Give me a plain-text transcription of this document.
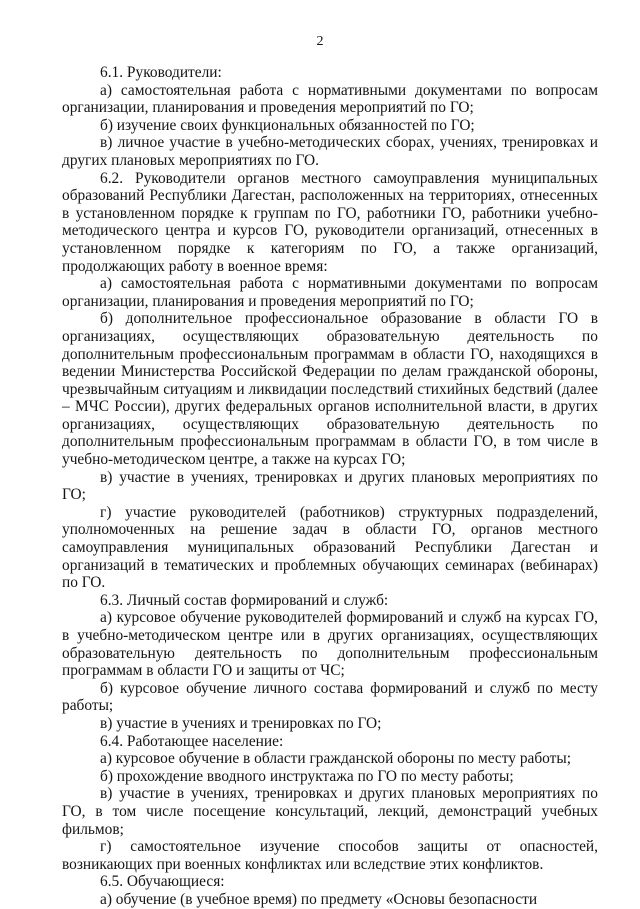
2

6.1. Руководители:

а) самостоятельная работа с нормативными документами по вопросам организации, планирования и проведения мероприятий по ГО;

б) изучение своих функциональных обязанностей по ГО;

в) личное участие в учебно-методических сборах, учениях, тренировках и других плановых мероприятиях по ГО.

6.2. Руководители органов местного самоуправления муниципальных образований Республики Дагестан, расположенных на территориях, отнесенных в установленном порядке к группам по ГО, работники ГО, работники учебно-методического центра и курсов ГО, руководители организаций, отнесенных в установленном порядке к категориям по ГО, а также организаций, продолжающих работу в военное время:

а) самостоятельная работа с нормативными документами по вопросам организации, планирования и проведения мероприятий по ГО;

б) дополнительное профессиональное образование в области ГО в организациях, осуществляющих образовательную деятельность по дополнительным профессиональным программам в области ГО, находящихся в ведении Министерства Российской Федерации по делам гражданской обороны, чрезвычайным ситуациям и ликвидации последствий стихийных бедствий (далее – МЧС России), других федеральных органов исполнительной власти, в других организациях, осуществляющих образовательную деятельность по дополнительным профессиональным программам в области ГО, в том числе в учебно-методическом центре, а также на курсах ГО;

в) участие в учениях, тренировках и других плановых мероприятиях по ГО;

г) участие руководителей (работников) структурных подразделений, уполномоченных на решение задач в области ГО, органов местного самоуправления муниципальных образований Республики Дагестан и организаций в тематических и проблемных обучающих семинарах (вебинарах) по ГО.

6.3. Личный состав формирований и служб:

а) курсовое обучение руководителей формирований и служб на курсах ГО, в учебно-методическом центре или в других организациях, осуществляющих образовательную деятельность по дополнительным профессиональным программам в области ГО и защиты от ЧС;

б) курсовое обучение личного состава формирований и служб по месту работы;

в) участие в учениях и тренировках по ГО;

6.4. Работающее население:

а) курсовое обучение в области гражданской обороны по месту работы;

б) прохождение вводного инструктажа по ГО по месту работы;

в) участие в учениях, тренировках и других плановых мероприятиях по ГО, в том числе посещение консультаций, лекций, демонстраций учебных фильмов;

г) самостоятельное изучение способов защиты от опасностей, возникающих при военных конфликтах или вследствие этих конфликтов.

6.5. Обучающиеся:

а) обучение (в учебное время) по предмету «Основы безопасности
